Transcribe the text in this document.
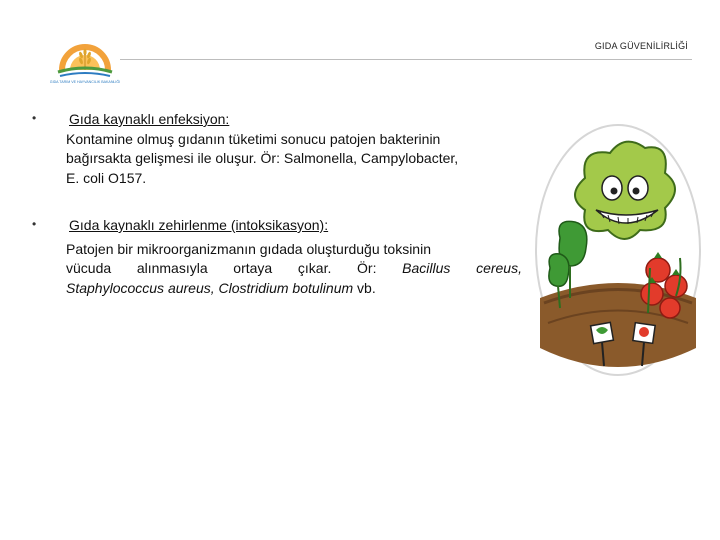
GIDA TARIM VE HAYVANCILIK BAKANLIĞI
GIDA GÜVENİLİRLİĞİ
• Gıda kaynaklı enfeksiyon:

Kontamine olmuş gıdanın tüketimi sonucu patojen bakterinin

bağırsakta gelişmesi ile oluşur. Ör: Salmonella, Campylobacter,

E. coli O157.

• Gıda kaynaklı zehirlenme (intoksikasyon):

Patojen bir mikroorganizmanın gıdada oluşturduğu toksinin

vücuda alınmasıyla ortaya çıkar. Ör: Bacillus cereus,

Staphylococcus aureus, Clostridium botulinum vb.
